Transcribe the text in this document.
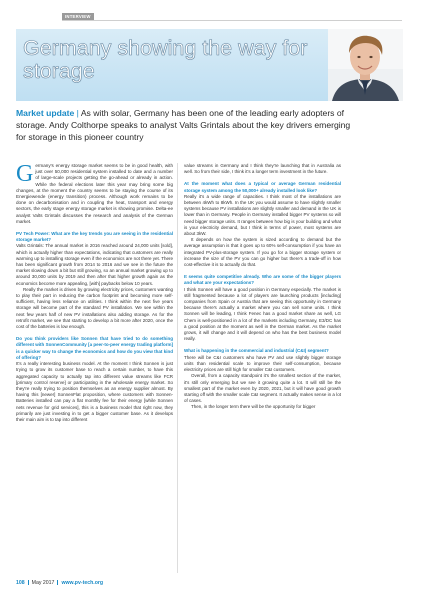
INTERVIEW
Germany showing the way for storage
Market update | As with solar, Germany has been one of the leading early adopters of storage. Andy Colthorpe speaks to analyst Valts Grintals about the key drivers emerging for storage in this pioneer country

Germany's energy storage market seems to be in good health, with just over 50,000 residential system installed to date and a number of large-scale projects getting the go-ahead or already in action. While the federal elections later this year may bring some big changes, at the moment the country seems to be staying the course of its Energiewende (energy transition) process. Although work remains to be done on decarbonisation and in coupling the heat, transport and energy sectors, the early stage energy storage market is showing promise. Delta-ee analyst Valts Grintals discusses the research and analysis of the German market.

PV Tech Power: What are the key trends you are seeing in the residential storage market?

Valts Grintals: The annual market in 2016 reached around 24,000 units [sold], which is actually higher than expectations, indicating that customers are really warming up to installing storage even if the economics are not there yet. There has been significant growth from 2014 to 2016 and we see in the future the market slowing down a bit but still growing, so an annual market growing up to around 30,000 units by 2019 and then after that higher growth again as the economics become more appealing, [with] paybacks below 10 years.

Really the market is driven by growing electricity prices, customers wanting to play their part in reducing the carbon footprint and becoming more self-sufficient, having less reliance on utilities. I think within the next five years storage will become part of the standard PV installation. We see within the next few years half of new PV installations also adding storage. As for the retrofit market, we see that starting to develop a bit more after 2020, once the cost of the batteries is low enough.

Do you think providers like Sonnen that have tried to do something different with SonnenCommunity [a peer-to-peer energy trading platform] is a quicker way to change the economics and how do you view that kind of offering?

It's a really interesting business model. At the moment I think Sonnen is just trying to grow its customer base to reach a certain number, to have this aggregated capacity to actually tap into different value streams like FCR [primary control reserve] or participating in the wholesale energy market. So they're really trying to position themselves as an energy supplier almost. By having this [newer] SonnenFlat proposition, where customers with Sonnen-Batteries installed can pay a flat monthly fee for their energy [while Sonnen nets revenue for grid services], this is a business model that right now, they primarily are just investing in to get a bigger customer base. As it develops their main aim is to tap into different

value streams in Germany and I think they're launching that in Australia as well. So from their side, I think it's a longer term investment in the future.

At the moment what does a typical or average German residential storage system among the 50,000+ already installed look like?

Really it's a wide range of capacities. I think most of the installations are between 4kWh to 8kWh. In the UK you would assume to have slightly smaller systems because PV installations are slightly smaller and demand in the UK is lower than in Germany. People in Germany installed bigger PV systems so will need bigger storage units. It ranges between how big is your building and what is your electricity demand, but I think in terms of power, most systems are about 3kW.

It depends on how the system is sized according to demand but the average assumption is that it goes up to 60% self-consumption if you have an integrated PV-plus-storage system. If you go for a bigger storage system or increase the size of the PV you can go higher but there's a trade-off in how cost-effective it is to actually do that.

It seems quite competitive already. Who are some of the bigger players and what are your expectations?

I think Sonnen will have a good position in Germany especially. The market is still fragmented because a lot of players are launching products [including] companies from Spain or Austria that are seeing this opportunity in Germany because there's actually a market where you can sell some units. I think Sonnen will be leading, I think Fenec has a good market share as well, LG Chem is well-positioned in a lot of the markets including Germany, E3/DC has a good position at the moment as well in the German market. As the market grows, it will change and it will depend on who has the best business model really.

What is happening in the commercial and industrial (C&I) segment?

There will be C&I customers who have PV and use slightly bigger storage units than residential scale to improve their self-consumption, because electricity prices are still high for smaller C&I customers.

Overall, from a capacity standpoint it's the smallest section of the market, it's still only emerging but we see it growing quite a lot. It will still be the smallest part of the market even by 2020, 2021, but it will have good growth starting off with the smaller scale C&I segment. It actually makes sense in a lot of cases.

Then, in the longer term there will be the opportunity for bigger

108 May 2017 www.pv-tech.org
